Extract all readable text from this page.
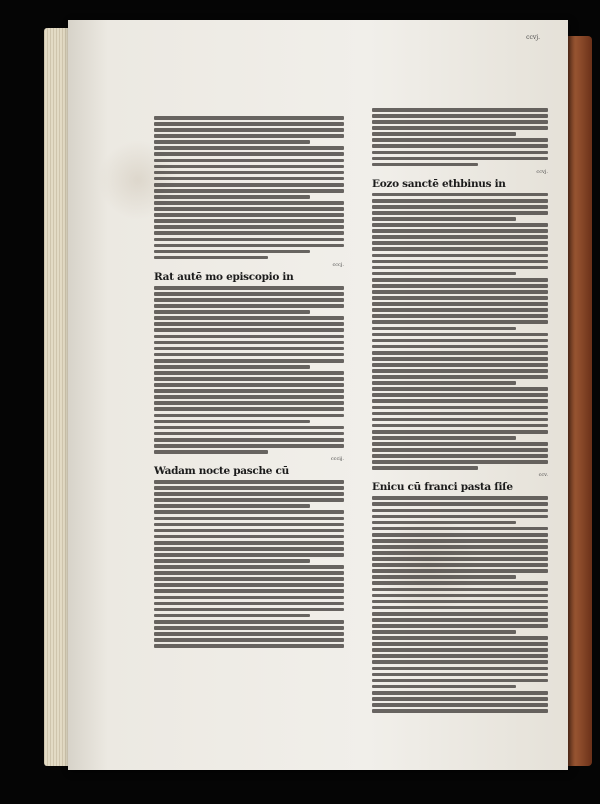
ccvj.
cccj.
Rat autē mo episcopio in
cccij.
Wadam nocte pasche cū
ccvj.
Eozo sanctē ethbinus in
ccv.
Enicu cū franci pasta ſiſe
